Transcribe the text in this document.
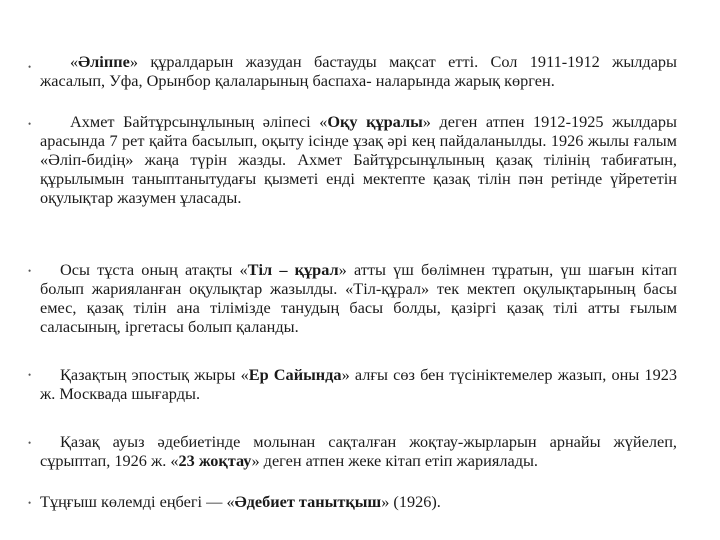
•	«Әліппе» құралдарын жазудан бастауды мақсат етті. Сол 1911-1912 жылдары жасалып, Уфа, Орынбор қалаларының баспаха- наларында жарық көрген.
•	Ахмет Байтұрсынұлының әліпесі «Оқу құралы» деген атпен 1912-1925 жылдары арасында 7 рет қайта басылып, оқыту ісінде ұзақ әрі кең пайдаланылды. 1926 жылы ғалым «Әліп-бидің» жаңа түрін жазды. Ахмет Байтұрсынұлының қазақ тілінің табиғатын, құрылымын таныптанытудағы қызметі енді мектепте қазақ тілін пән ретінде үйрететін оқулықтар жазумен ұласады.
•	Осы тұста оның атақты «Тіл – құрал» атты үш бөлімнен тұратын, үш шағын кітап болып жарияланған оқулықтар жазылды. «Тіл-құрал» тек мектеп оқулықтарының басы емес, қазақ тілін ана тілімізде танудың басы болды, қазіргі қазақ тілі атты ғылым саласының, іргетасы болып қаланды.
•	Қазақтың эпостық жыры «Ер Сайында» алғы сөз бен түсініктемелер жазып, оны 1923 ж. Москвада шығарды.
•	Қазақ ауыз әдебиетінде молынан сақталған жоқтау-жырларын арнайы жүйелеп, сұрыптап, 1926 ж. «23 жоқтау» деген атпен жеке кітап етіп жариялады.
• Тұңғыш көлемді еңбегі — «Әдебиет танытқыш» (1926).
